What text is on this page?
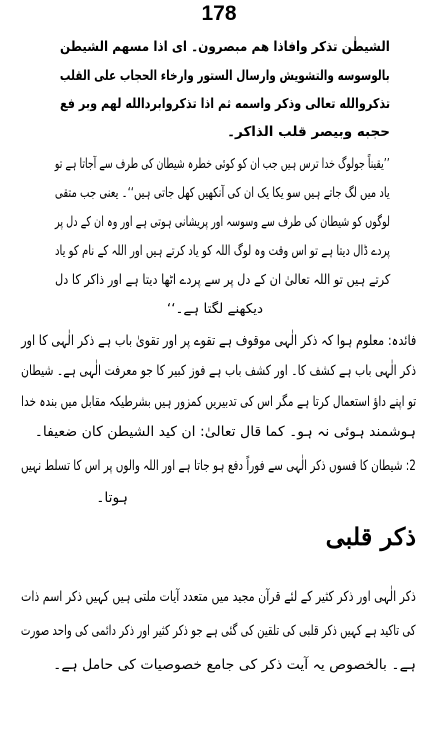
178
الشیطٰن تذکر وافاذا هم مبصرون۔ ای اذا مسهم الشیطن
بالوسوسه والتشویش وارسال الستور وارخاء الحجاب علی القلب
تذکروالله تعالی وذکر واسمه ثم اذا تذکروابردالله لهم وبر فع
حجبه وبیصر قلب الذاکر۔
’’یقیناً جولوگ خدا ترس ہیں جب ان کو کوئی خطرہ شیطان کی طرف سے آجاتا ہے تو
یاد میں لگ جاتے ہیں سو یکا یک ان کی آنکھیں کھل جاتی ہیں‘‘۔ یعنی جب متقی
لوگوں کو شیطان کی طرف سے وسوسہ اور پریشانی ہوتی ہے اور وہ ان کے دل پر
پردے ڈال دیتا ہے تو اس وقت وہ لوگ اللہ کو یاد کرتے ہیں اور اللہ کے نام کو یاد
کرتے ہیں تو اللہ تعالیٰ ان کے دل پر سے پردے اٹھا دیتا ہے اور ذاکر کا دل
دیکھنے لگتا ہے۔‘‘
فائدہ: معلوم ہوا کہ ذکر الٰہی موقوف ہے تقوے پر اور تقویٰ باب ہے ذکر الٰہی کا اور
ذکر الٰہی باب ہے کشف کا۔ اور کشف باب ہے فوز کبیر کا جو معرفت الٰہی ہے۔ شیطان
تو اپنے داؤ استعمال کرتا ہے مگر اس کی تدبیریں کمزور ہیں بشرطیکہ مقابل میں بندہ خدا
ہوشمند ہوئی نہ ہو۔ کما قال تعالیٰ: ان کید الشیطن کان ضعیفا۔
2: شیطان کا فسوں ذکر الٰہی سے فوراً دفع ہو جاتا ہے اور اللہ والوں پر اس کا تسلط نہیں
ہوتا۔
ذکر قلبی
ذکر الٰہی اور ذکر کثیر کے لئے قرآن مجید میں متعدد آیات ملتی ہیں کہیں ذکر اسم ذات
کی تاکید ہے کہیں ذکر قلبی کی تلقین کی گئی ہے جو ذکر کثیر اور ذکر دائمی کی واحد صورت
ہے۔ بالخصوص یہ آیت ذکر کی جامع خصوصیات کی حامل ہے۔
